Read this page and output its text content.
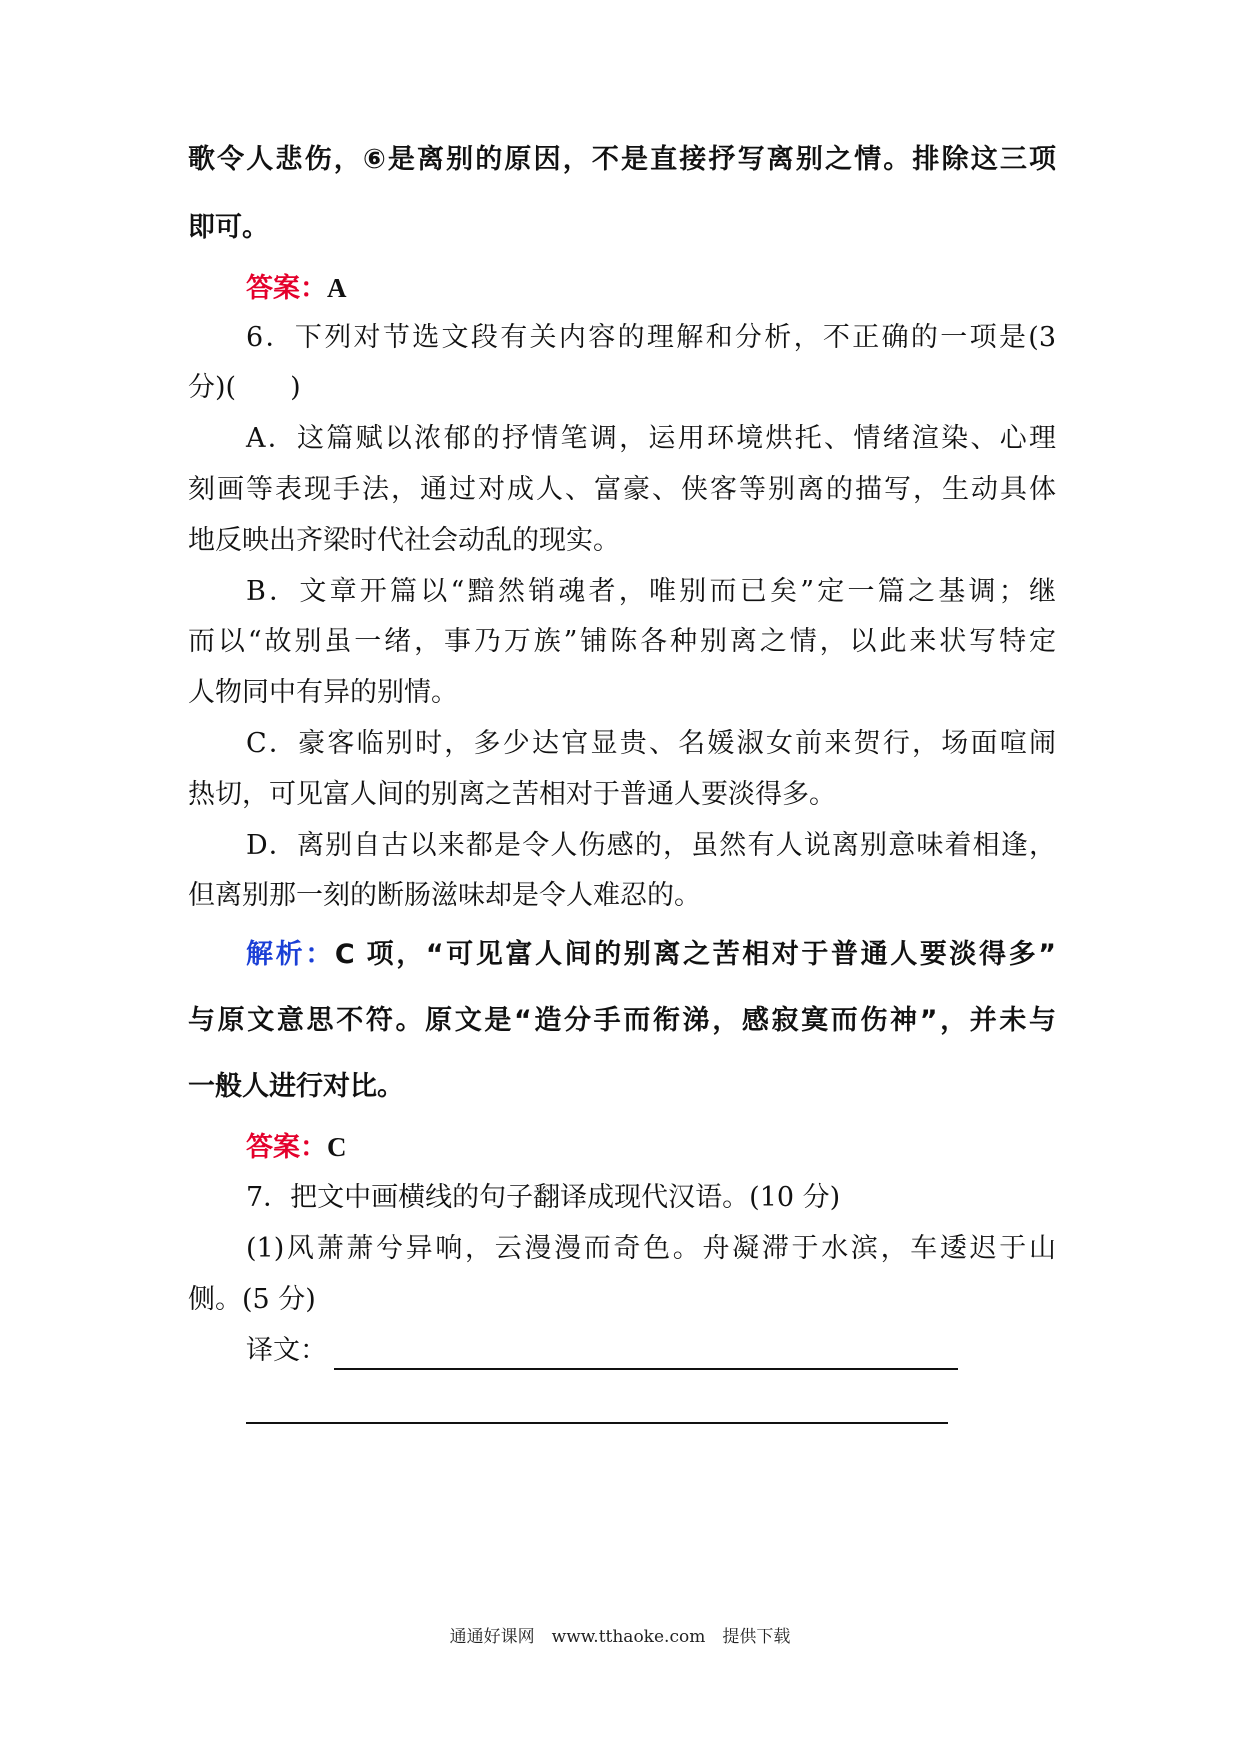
歌令人悲伤，⑥是离别的原因，不是直接抒写离别之情。排除这三项
即可。
答案：A
6．下列对节选文段有关内容的理解和分析，不正确的一项是(3
分)(　　)
A．这篇赋以浓郁的抒情笔调，运用环境烘托、情绪渲染、心理
刻画等表现手法，通过对成人、富豪、侠客等别离的描写，生动具体
地反映出齐梁时代社会动乱的现实。
B．文章开篇以“黯然销魂者，唯别而已矣”定一篇之基调；继
而以“故别虽一绪，事乃万族”铺陈各种别离之情，以此来状写特定
人物同中有异的别情。
C．豪客临别时，多少达官显贵、名媛淑女前来贺行，场面喧闹
热切，可见富人间的别离之苦相对于普通人要淡得多。
D．离别自古以来都是令人伤感的，虽然有人说离别意味着相逢，
但离别那一刻的断肠滋味却是令人难忍的。
解析：C 项，“可见富人间的别离之苦相对于普通人要淡得多”
与原文意思不符。原文是“造分手而衔涕，感寂寞而伤神”，并未与
一般人进行对比。
答案：C
7．把文中画横线的句子翻译成现代汉语。(10 分)
(1)风萧萧兮异响，云漫漫而奇色。舟凝滞于水滨，车逶迟于山
侧。(5 分)
译文：
通通好课网　www.tthaoke.com　提供下载
